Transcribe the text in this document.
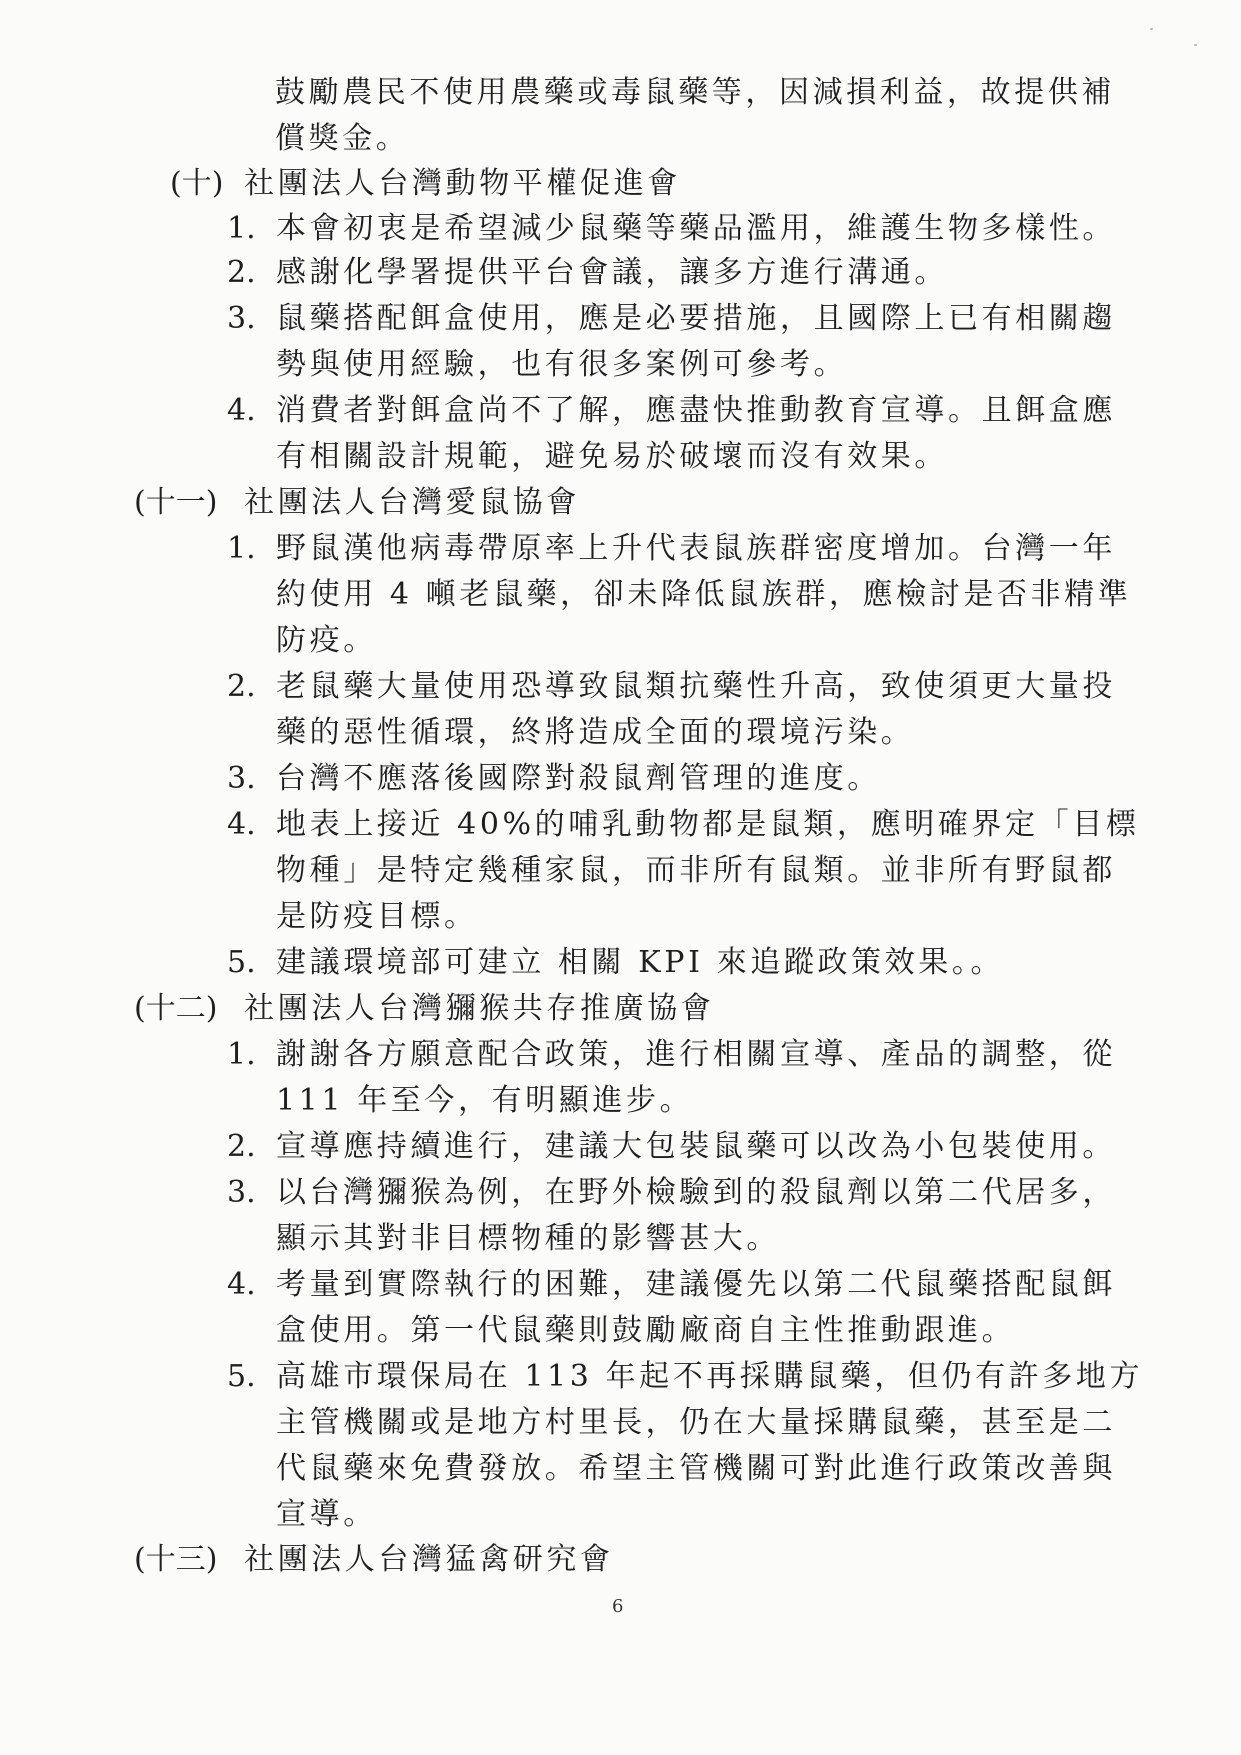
鼓勵農民不使用農藥或毒鼠藥等，因減損利益，故提供補
償獎金。
(十) 社團法人台灣動物平權促進會
1. 本會初衷是希望減少鼠藥等藥品濫用，維護生物多樣性。
2. 感謝化學署提供平台會議，讓多方進行溝通。
3. 鼠藥搭配餌盒使用，應是必要措施，且國際上已有相關趨
勢與使用經驗，也有很多案例可參考。
4. 消費者對餌盒尚不了解，應盡快推動教育宣導。且餌盒應
有相關設計規範，避免易於破壞而沒有效果。
(十一) 社團法人台灣愛鼠協會
1. 野鼠漢他病毒帶原率上升代表鼠族群密度增加。台灣一年
約使用 4 噸老鼠藥，卻未降低鼠族群，應檢討是否非精準
防疫。
2. 老鼠藥大量使用恐導致鼠類抗藥性升高，致使須更大量投
藥的惡性循環，終將造成全面的環境污染。
3. 台灣不應落後國際對殺鼠劑管理的進度。
4. 地表上接近 40%的哺乳動物都是鼠類，應明確界定「目標
物種」是特定幾種家鼠，而非所有鼠類。並非所有野鼠都
是防疫目標。
5. 建議環境部可建立 相關 KPI 來追蹤政策效果。。
(十二) 社團法人台灣獼猴共存推廣協會
1. 謝謝各方願意配合政策，進行相關宣導、產品的調整，從
111 年至今，有明顯進步。
2. 宣導應持續進行，建議大包裝鼠藥可以改為小包裝使用。
3. 以台灣獼猴為例，在野外檢驗到的殺鼠劑以第二代居多，
顯示其對非目標物種的影響甚大。
4. 考量到實際執行的困難，建議優先以第二代鼠藥搭配鼠餌
盒使用。第一代鼠藥則鼓勵廠商自主性推動跟進。
5. 高雄市環保局在 113 年起不再採購鼠藥，但仍有許多地方
主管機關或是地方村里長，仍在大量採購鼠藥，甚至是二
代鼠藥來免費發放。希望主管機關可對此進行政策改善與
宣導。
(十三) 社團法人台灣猛禽研究會
6
